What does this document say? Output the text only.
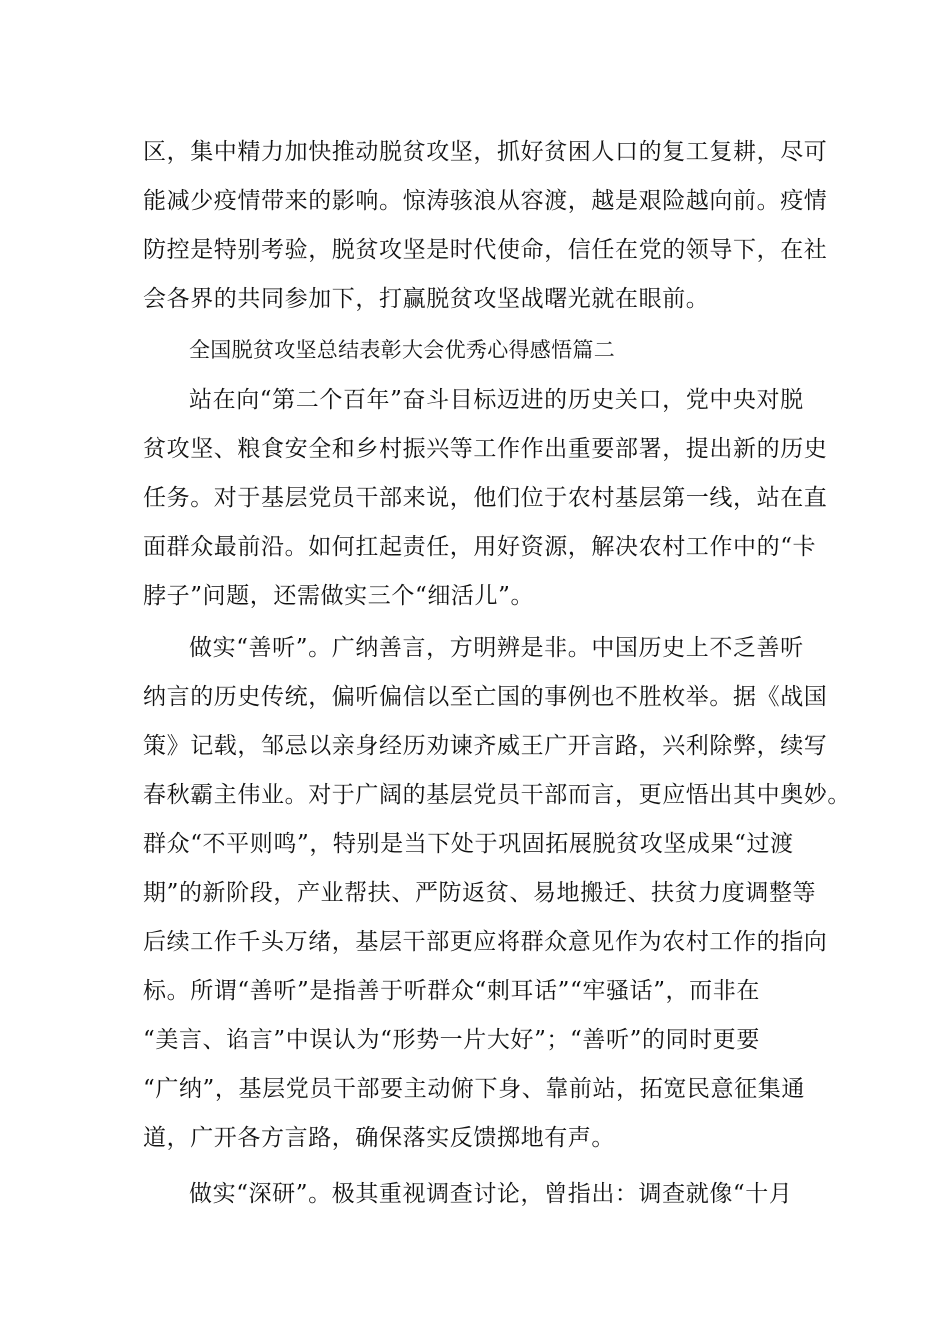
区，集中精力加快推动脱贫攻坚，抓好贫困人口的复工复耕，尽可

能减少疫情带来的影响。惊涛骇浪从容渡，越是艰险越向前。疫情

防控是特别考验，脱贫攻坚是时代使命，信任在党的领导下，在社

会各界的共同参加下，打赢脱贫攻坚战曙光就在眼前。

全国脱贫攻坚总结表彰大会优秀心得感悟篇二

站在向“第二个百年”奋斗目标迈进的历史关口，党中央对脱

贫攻坚、粮食安全和乡村振兴等工作作出重要部署，提出新的历史

任务。对于基层党员干部来说，他们位于农村基层第一线，站在直

面群众最前沿。如何扛起责任，用好资源，解决农村工作中的“卡

脖子”问题，还需做实三个“细活儿”。

做实“善听”。广纳善言，方明辨是非。中国历史上不乏善听

纳言的历史传统，偏听偏信以至亡国的事例也不胜枚举。据《战国

策》记载，邹忌以亲身经历劝谏齐威王广开言路，兴利除弊，续写

春秋霸主伟业。对于广阔的基层党员干部而言，更应悟出其中奥妙。

群众“不平则鸣”，特别是当下处于巩固拓展脱贫攻坚成果“过渡

期”的新阶段，产业帮扶、严防返贫、易地搬迁、扶贫力度调整等

后续工作千头万绪，基层干部更应将群众意见作为农村工作的指向

标。所谓“善听”是指善于听群众“刺耳话”“牢骚话”，而非在

“美言、谄言”中误认为“形势一片大好”；“善听”的同时更要

“广纳”，基层党员干部要主动俯下身、靠前站，拓宽民意征集通

道，广开各方言路，确保落实反馈掷地有声。

做实“深研”。极其重视调查讨论，曾指出：调查就像“十月
